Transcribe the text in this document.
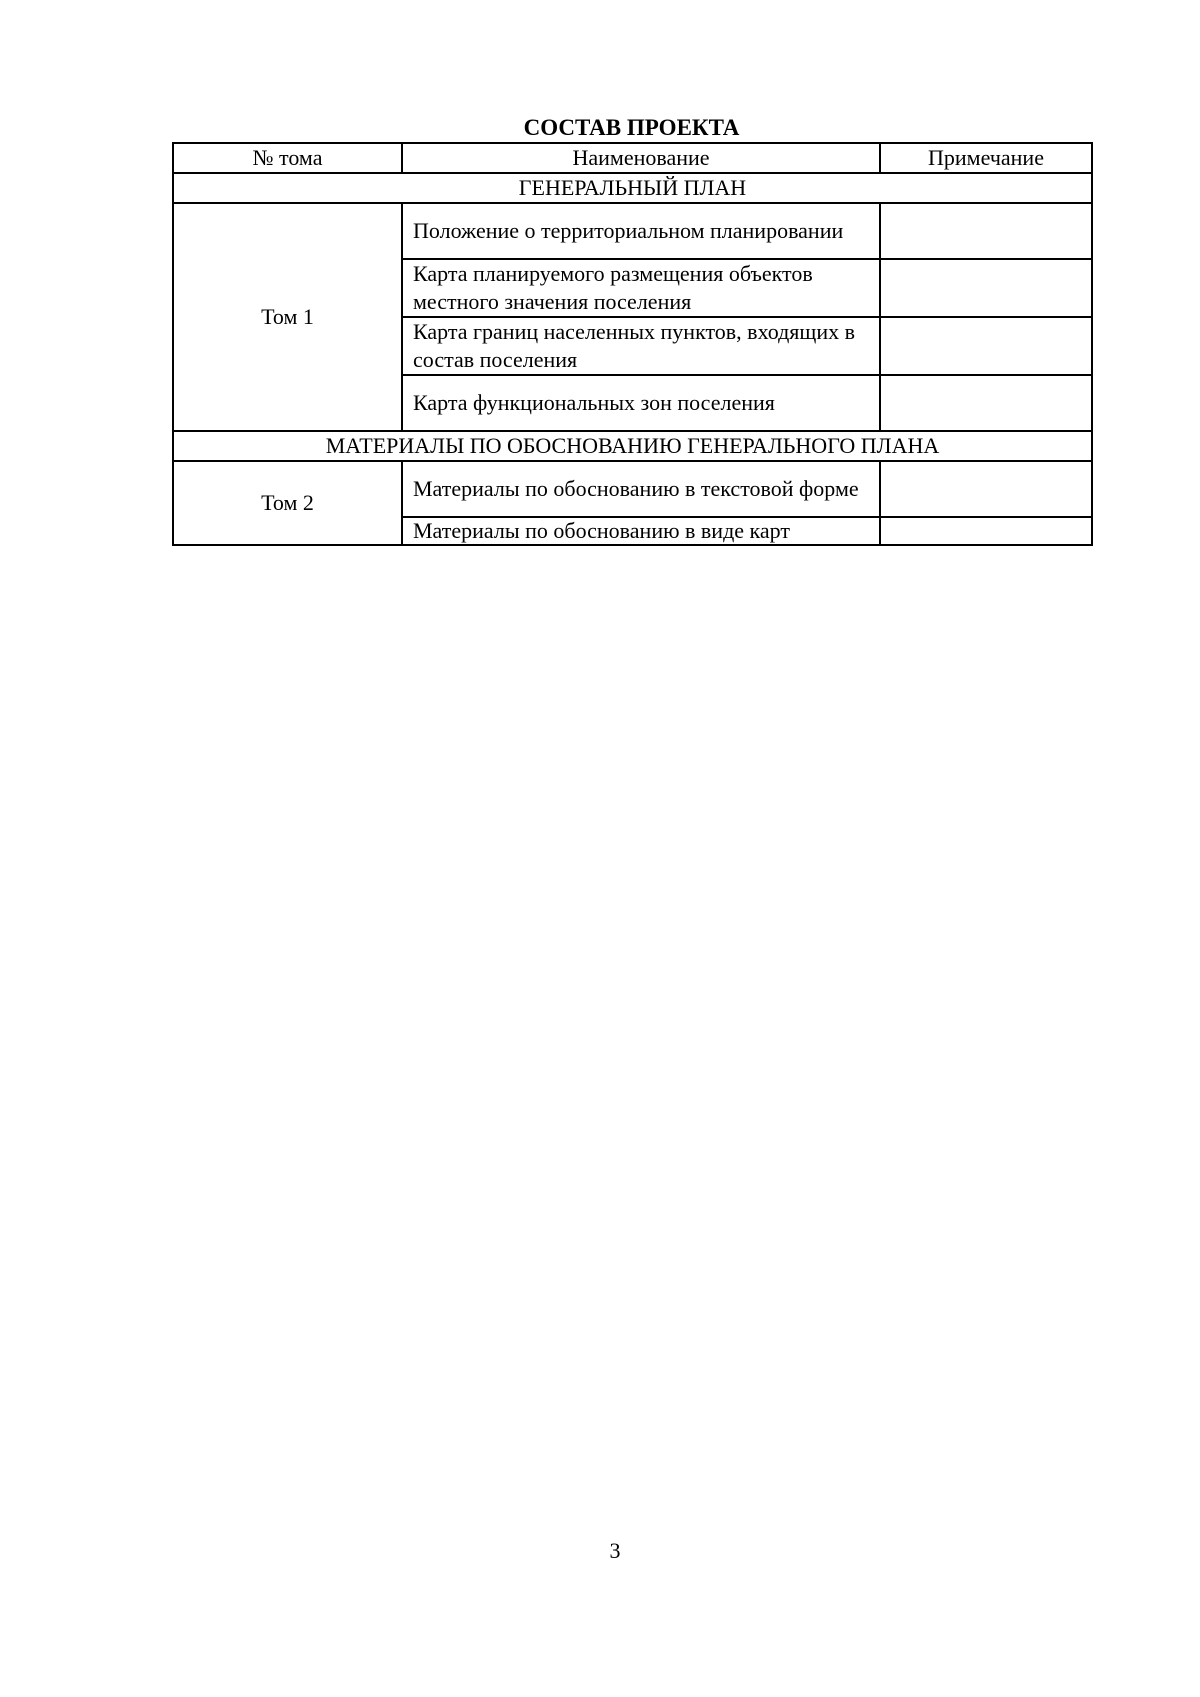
СОСТАВ ПРОЕКТА
№ тома	Наименование	Примечание
ГЕНЕРАЛЬНЫЙ ПЛАН		
Том 1	Положение о территориальном планировании	
	Карта планируемого размещения объектов местного значения поселения	
	Карта границ населенных пунктов, входящих в состав поселения	
	Карта функциональных зон поселения	
МАТЕРИАЛЫ ПО ОБОСНОВАНИЮ ГЕНЕРАЛЬНОГО ПЛАНА		
Том 2	Материалы по обоснованию в текстовой форме	
	Материалы по обоснованию в виде карт	
3
